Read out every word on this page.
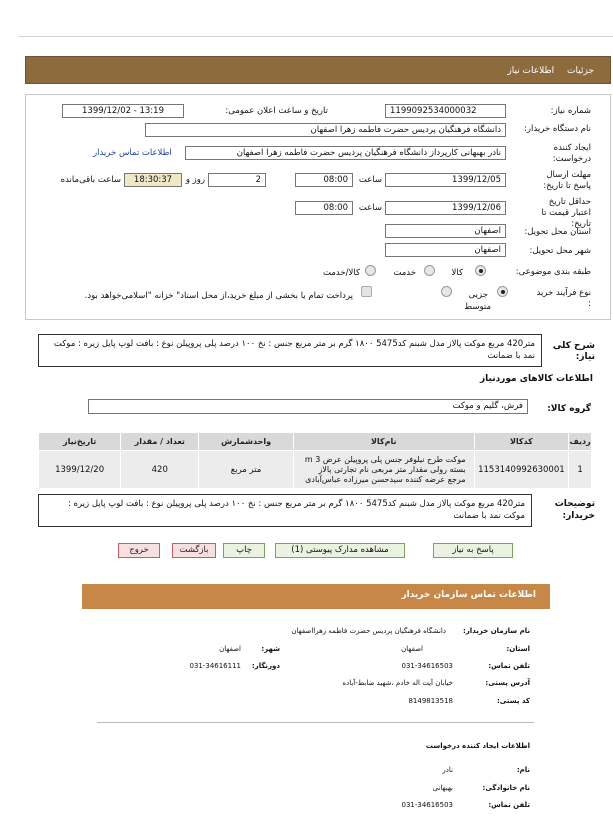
جزئیات اطلاعات نیاز
شماره نیاز:
1199092534000032
تاریخ و ساعت اعلان عمومی:
1399/12/02 - 13:19
نام دستگاه خریدار:
دانشگاه فرهنگیان پردیس حضرت فاطمه زهرا اصفهان
ایجاد کننده درخواست:
نادر بهبهانی کارپرداز دانشگاه فرهنگیان پردیس حضرت فاطمه زهرا اصفهان
اطلاعات تماس خریدار
مهلت ارسال پاسخ تا تاریخ:
1399/12/05
ساعت
08:00
2
روز و
18:30:37
ساعت باقی‌مانده
حداقل تاریخ اعتبار قیمت تا تاریخ:
1399/12/06
ساعت
08:00
استان محل تحویل:
اصفهان
شهر محل تحویل:
اصفهان
طبقه بندی موضوعی:
کالا
خدمت
کالا/خدمت
نوع فرآیند خرید :
جزیی
متوسط
پرداخت تمام یا بخشی از مبلغ خرید،از محل اسناد" خزانه "اسلامی‌خواهد بود.
شرح کلی نیاز:
متر420 مربع موکت پالاز مدل شبنم کد5475 ۱۸۰۰ گرم بر متر مربع جنس : نخ ۱۰۰ درصد پلی پروپیلن نوع : بافت لوپ پایل زیره : موکت نمد با ضمانت
اطلاعات کالاهای موردنیاز
گروه کالا:
فرش، گلیم و موکت
ردیف	کدکالا	نام‌کالا	واحدشمارش	تعداد / مقدار	تاریخ‌نیاز
1	1153140992630001	موکت طرح نیلوفر جنس پلی پروپیلن عرض 3 m بسته رولی مقدار متر مربعی نام تجارتی پالاز مرجع عرضه کننده سیدحسن میرزاده عباس‌آبادی	متر مربع	420	1399/12/20
توضیحات خریدار:
متر420 مربع موکت پالاز مدل شبنم کد5475 ۱۸۰۰ گرم بر متر مربع جنس : نخ ۱۰۰ درصد پلی پروپیلن نوع : بافت لوپ پایل زیره : موکت نمد با ضمانت
پاسخ به نیاز
مشاهده مدارک پیوستی (1)
چاپ
بازگشت
خروج
اطلاعات تماس سازمان خریدار
نام سازمان خریدار:
دانشگاه فرهنگیان پردیس حضرت فاطمه زهرااصفهان
استان:
اصفهان
شهر:
اصفهان
تلفن تماس:
031-34616503
دورنگار:
031-34616111
آدرس پستی:
خیابان آیت اله خادم ،شهید ضابط-آباده
کد پستی:
8149813518
اطلاعات ایجاد کننده درخواست
نام:
نادر
نام خانوادگی:
بهبهانی
تلفن تماس:
031-34616503
